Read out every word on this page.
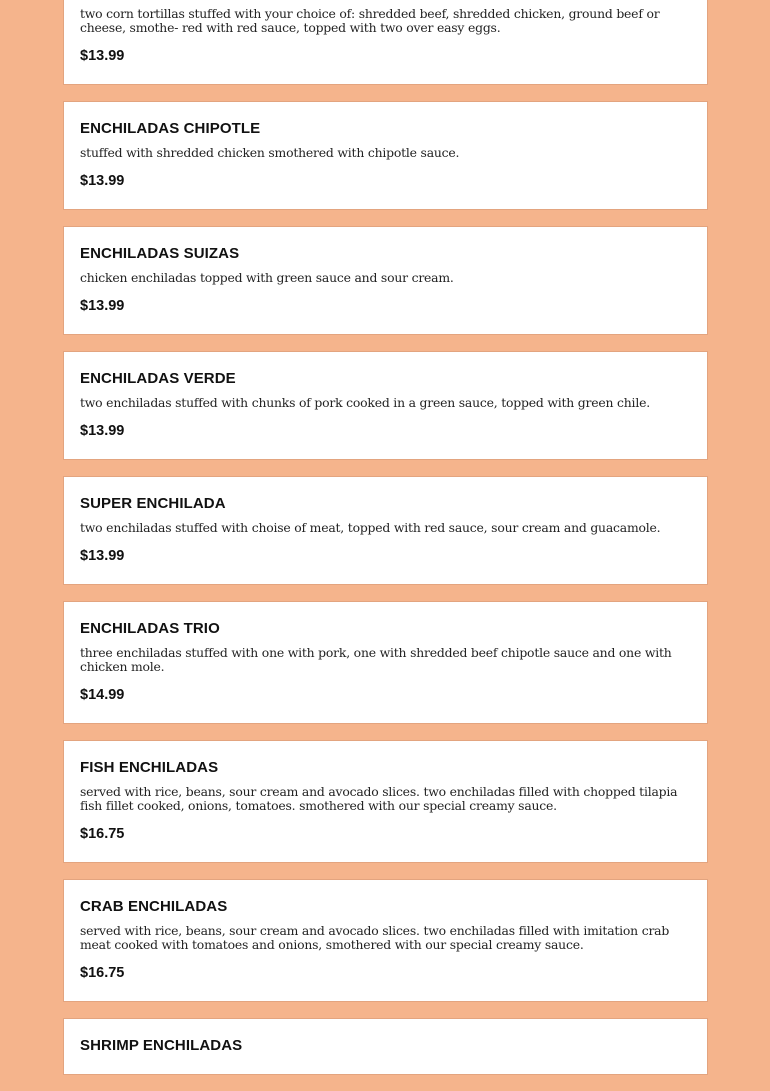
two corn tortillas stuffed with your choice of: shredded beef, shredded chicken, ground beef or cheese, smothe- red with red sauce, topped with two over easy eggs.
$13.99
ENCHILADAS CHIPOTLE
stuffed with shredded chicken smothered with chipotle sauce.
$13.99
ENCHILADAS SUIZAS
chicken enchiladas topped with green sauce and sour cream.
$13.99
ENCHILADAS VERDE
two enchiladas stuffed with chunks of pork cooked in a green sauce, topped with green chile.
$13.99
SUPER ENCHILADA
two enchiladas stuffed with choise of meat, topped with red sauce, sour cream and guacamole.
$13.99
ENCHILADAS TRIO
three enchiladas stuffed with one with pork, one with shredded beef chipotle sauce and one with chicken mole.
$14.99
FISH ENCHILADAS
served with rice, beans, sour cream and avocado slices. two enchiladas filled with chopped tilapia fish fillet cooked, onions, tomatoes. smothered with our special creamy sauce.
$16.75
CRAB ENCHILADAS
served with rice, beans, sour cream and avocado slices. two enchiladas filled with imitation crab meat cooked with tomatoes and onions, smothered with our special creamy sauce.
$16.75
SHRIMP ENCHILADAS
